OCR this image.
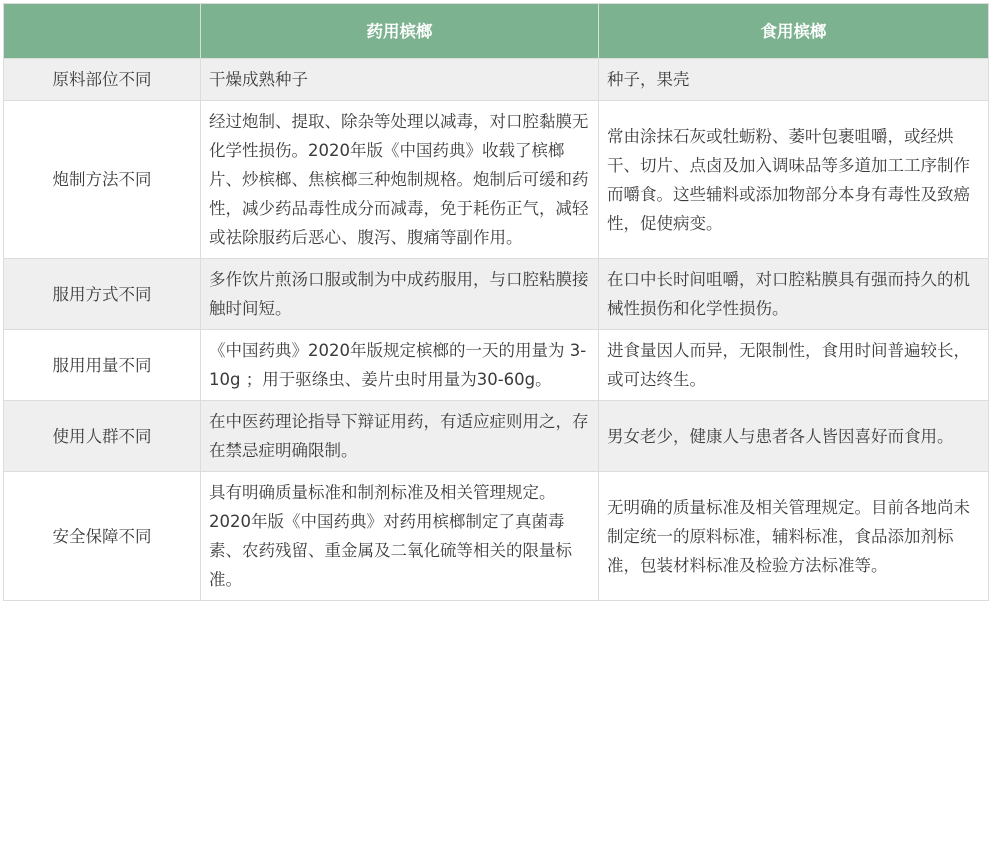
	药用槟榔	食用槟榔
原料部位不同	干燥成熟种子	种子，果壳
炮制方法不同	经过炮制、提取、除杂等处理以减毒，对口腔黏膜无化学性损伤。2020年版《中国药典》收载了槟榔片、炒槟榔、焦槟榔三种炮制规格。炮制后可缓和药性，减少药品毒性成分而减毒，免于耗伤正气，减轻或祛除服药后恶心、腹泻、腹痛等副作用。	常由涂抹石灰或牡蛎粉、萎叶包裹咀嚼，或经烘干、切片、点卤及加入调味品等多道加工工序制作而嚼食。这些辅料或添加物部分本身有毒性及致癌性，促使病变。
服用方式不同	多作饮片煎汤口服或制为中成药服用，与口腔粘膜接触时间短。	在口中长时间咀嚼，对口腔粘膜具有强而持久的机械性损伤和化学性损伤。
服用用量不同	《中国药典》2020年版规定槟榔的一天的用量为 3-10g ；用于驱绦虫、姜片虫时用量为30-60g。	进食量因人而异，无限制性，食用时间普遍较长，或可达终生。
使用人群不同	在中医药理论指导下辩证用药，有适应症则用之，存在禁忌症明确限制。	男女老少，健康人与患者各人皆因喜好而食用。
安全保障不同	具有明确质量标准和制剂标准及相关管理规定。2020年版《中国药典》对药用槟榔制定了真菌毒素、农药残留、重金属及二氧化硫等相关的限量标准。	无明确的质量标准及相关管理规定。目前各地尚未制定统一的原料标准，辅料标准，食品添加剂标准，包装材料标准及检验方法标准等。
